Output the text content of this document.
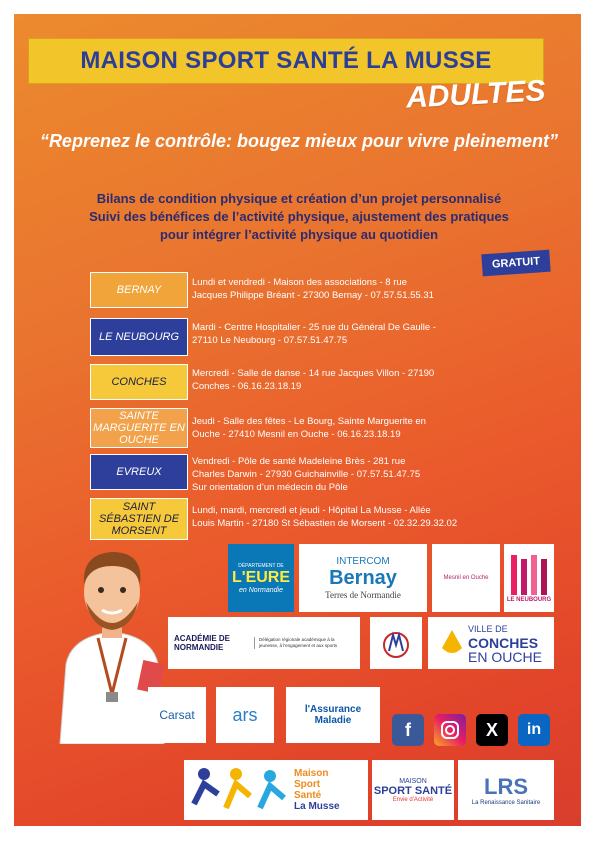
MAISON SPORT SANTÉ LA MUSSE
ADULTES
“Reprenez le contrôle: bougez mieux pour vivre pleinement”
Bilans de condition physique et création d’un projet personnalisé
Suivi des bénéfices de l’activité physique, ajustement des pratiques
pour intégrer l’activité physique au quotidien
GRATUIT
BERNAY
Lundi et vendredi - Maison des associations - 8 rue
Jacques Philippe Bréant - 27300 Bernay - 07.57.51.55.31
LE NEUBOURG
Mardi - Centre Hospitalier - 25 rue du Général De Gaulle -
27110 Le Neubourg - 07.57.51.47.75
CONCHES
Mercredi - Salle de danse - 14 rue Jacques Villon - 27190
Conches - 06.16.23.18.19
SAINTE MARGUERITE EN OUCHE
Jeudi - Salle des fêtes - Le Bourg, Sainte Marguerite en
Ouche - 27410 Mesnil en Ouche - 06.16.23.18.19
EVREUX
Vendredi - Pôle de santé Madeleine Brès - 281 rue
Charles Darwin - 27930 Guichainville - 07.57.51.47.75
Sur orientation d’un médecin du Pôle
SAINT SÉBASTIEN DE MORSENT
Lundi, mardi, mercredi et jeudi - Hôpital La Musse - Allée
Louis Martin - 27180 St Sébastien de Morsent - 02.32.29.32.02
DÉPARTEMENT DE
L'EURE
en Normandie
INTERCOM
Bernay
Terres de Normandie
Mesnil en Ouche
LE NEUBOURG
ACADÉMIE DE NORMANDIE
Délégation régionale académique à la jeunesse, à l'engagement et aux sports
VILLE DE
CONCHES
EN OUCHE
Carsat ars	l'Assurance Maladie	f	X in
Maison
Sport
Santé
La Musse
MAISON
SPORT SANTÉ
Envie d'Activité
LRS
La Renaissance Sanitaire
